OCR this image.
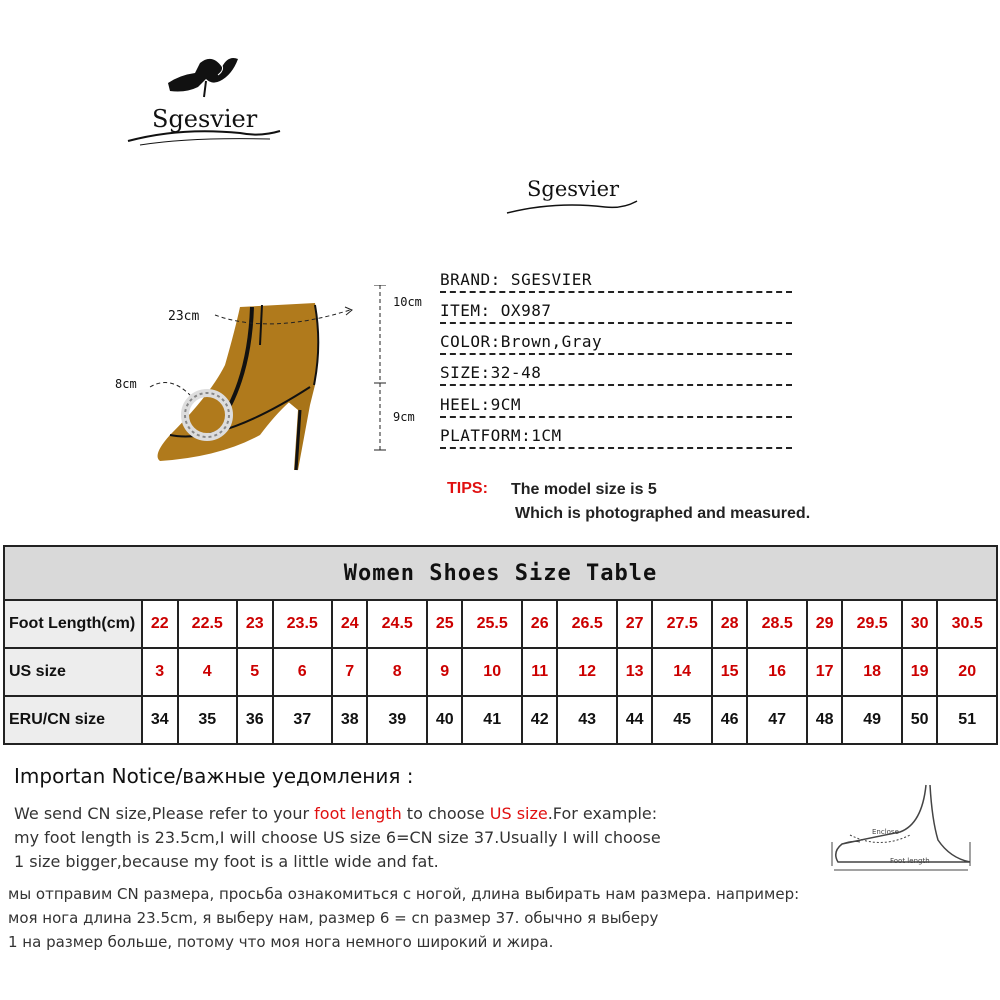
Sgesvier
Sgesvier
23cm
8cm
10cm
9cm
BRAND: SGESVIER
ITEM: OX987
COLOR:Brown,Gray
SIZE:32-48
HEEL:9CM
PLATFORM:1CM
TIPS: The model size is 5
Which is photographed and measured.
Women Shoes Size Table																		
Foot Length(cm)	22	22.5	23	23.5	24	24.5	25	25.5	26	26.5	27	27.5	28	28.5	29	29.5	30	30.5
US size	3	4	5	6	7	8	9	10	11	12	13	14	15	16	17	18	19	20
ERU/CN size	34	35	36	37	38	39	40	41	42	43	44	45	46	47	48	49	50	51
Importan Notice/важные уедомления :
We send CN size,Please refer to your foot length to choose US size.For example:
my foot length is 23.5cm,I will choose US size 6=CN size 37.Usually I will choose
1 size bigger,because my foot is a little wide and fat.
мы отправим CN размера, просьба ознакомиться с ногой, длина выбирать нам размера. например:
моя нога длина 23.5cm, я выберу нам, размер 6 = cn размер 37. обычно я выберу
1 на размер больше, потому что моя нога немного широкий и жира.
Enclose
Foot length
